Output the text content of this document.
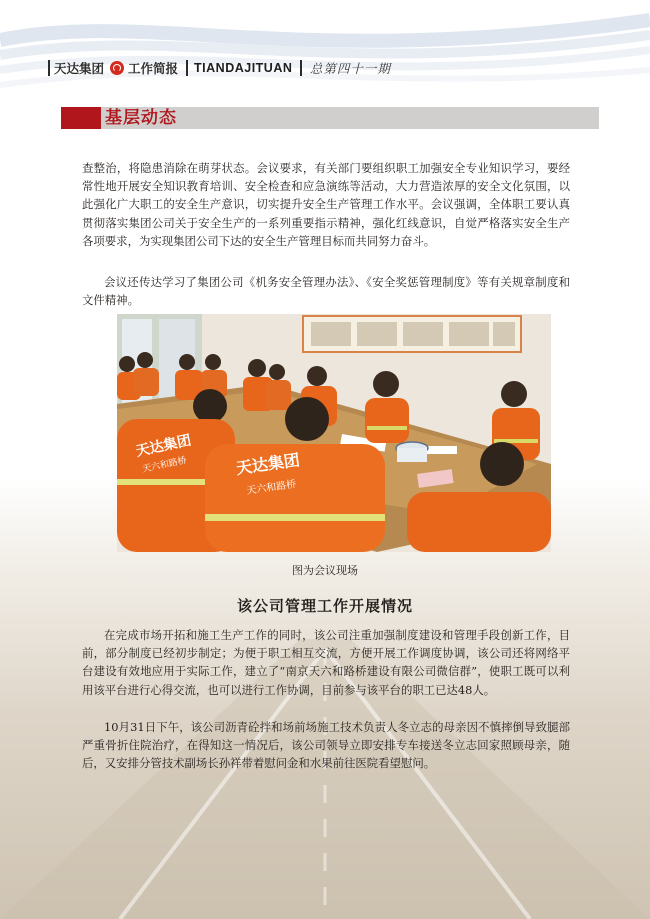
天达集团 工作简报 TIANDAJITUAN 总第四十一期
基层动态

查整治，将隐患消除在萌芽状态。会议要求，有关部门要组织职工加强安全专业知识学习，要经常性地开展安全知识教育培训、安全检查和应急演练等活动，大力营造浓厚的安全文化氛围，以此强化广大职工的安全生产意识，切实提升安全生产管理工作水平。会议强调，全体职工要认真贯彻落实集团公司关于安全生产的一系列重要指示精神，强化红线意识，自觉严格落实安全生产各项要求，为实现集团公司下达的安全生产管理目标而共同努力奋斗。

会议还传达学习了集团公司《机务安全管理办法》、《安全奖惩管理制度》等有关规章制度和文件精神。

天达集团
天六和路桥	天达集团
天六和路桥
图为会议现场
该公司管理工作开展情况

在完成市场开拓和施工生产工作的同时，该公司注重加强制度建设和管理手段创新工作，目前，部分制度已经初步制定；为便于职工相互交流，方便开展工作调度协调，该公司还将网络平台建设有效地应用于实际工作，建立了“南京天六和路桥建设有限公司微信群”，使职工既可以利用该平台进行心得交流，也可以进行工作协调，目前参与该平台的职工已达48人。

10月31日下午，该公司沥青砼拌和场前场施工技术负责人冬立志的母亲因不慎摔倒导致腿部严重骨折住院治疗，在得知这一情况后，该公司领导立即安排专车接送冬立志回家照顾母亲，随后，又安排分管技术副场长孙祥带着慰问金和水果前往医院看望慰问。
